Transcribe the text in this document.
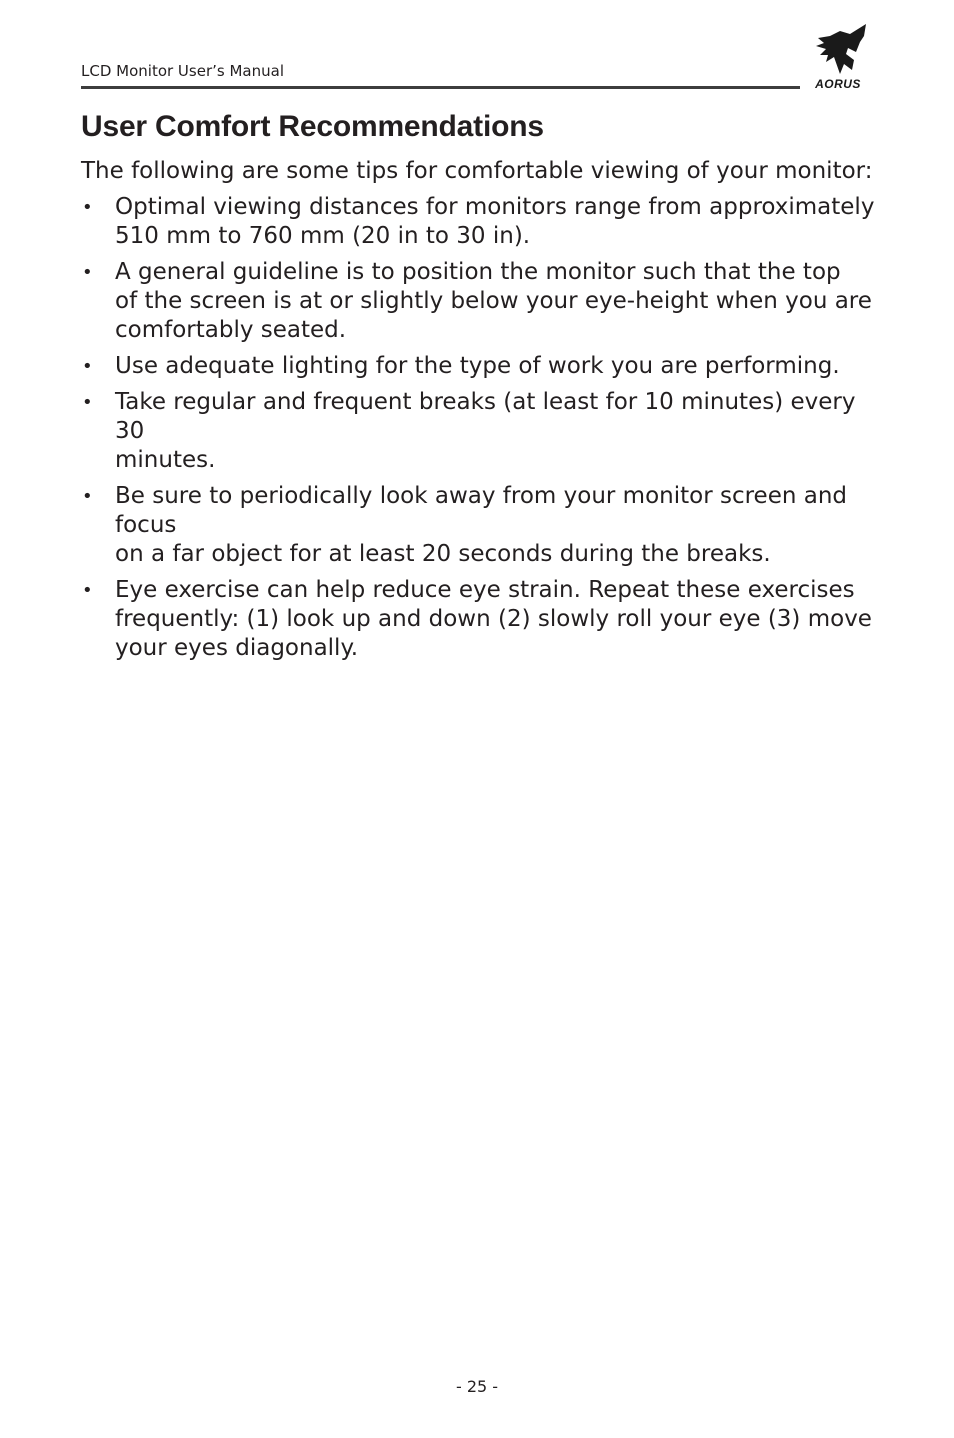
LCD Monitor User’s Manual
AORUS
User Comfort Recommendations

The following are some tips for comfortable viewing of your monitor:

• Optimal viewing distances for monitors range from approximately
510 mm to 760 mm (20 in to 30 in).
• A general guideline is to position the monitor such that the top
of the screen is at or slightly below your eye-height when you are
comfortably seated.
• Use adequate lighting for the type of work you are performing.
• Take regular and frequent breaks (at least for 10 minutes) every 30
minutes.
• Be sure to periodically look away from your monitor screen and focus
on a far object for at least 20 seconds during the breaks.
• Eye exercise can help reduce eye strain. Repeat these exercises
frequently: (1) look up and down (2) slowly roll your eye (3) move
your eyes diagonally.
- 25 -
